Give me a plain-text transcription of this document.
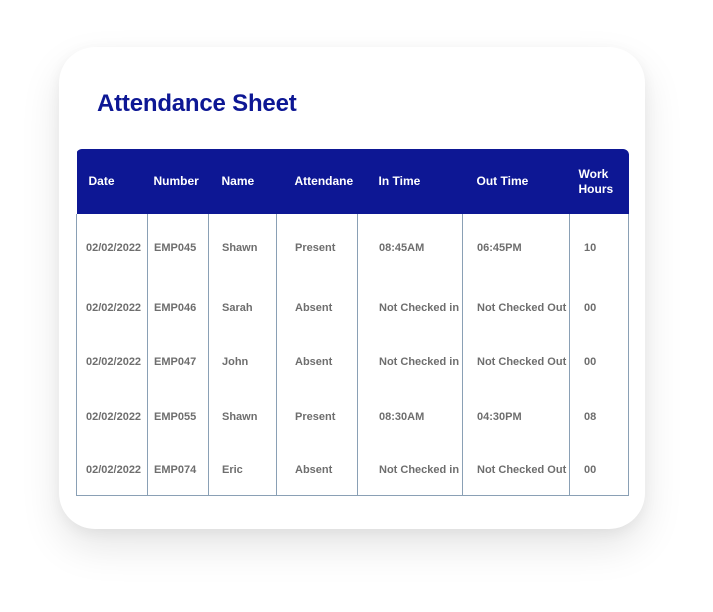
Attendance Sheet
Date	Number	Name	Attendane	In Time	Out Time	Work Hours

02/02/2022	EMP045	Shawn	Present	08:45AM	06:45PM	10
02/02/2022	EMP046	Sarah	Absent	Not Checked in	Not Checked Out	00
02/02/2022	EMP047	John	Absent	Not Checked in	Not Checked Out	00
02/02/2022	EMP055	Shawn	Present	08:30AM	04:30PM	08
02/02/2022	EMP074	Eric	Absent	Not Checked in	Not Checked Out	00
